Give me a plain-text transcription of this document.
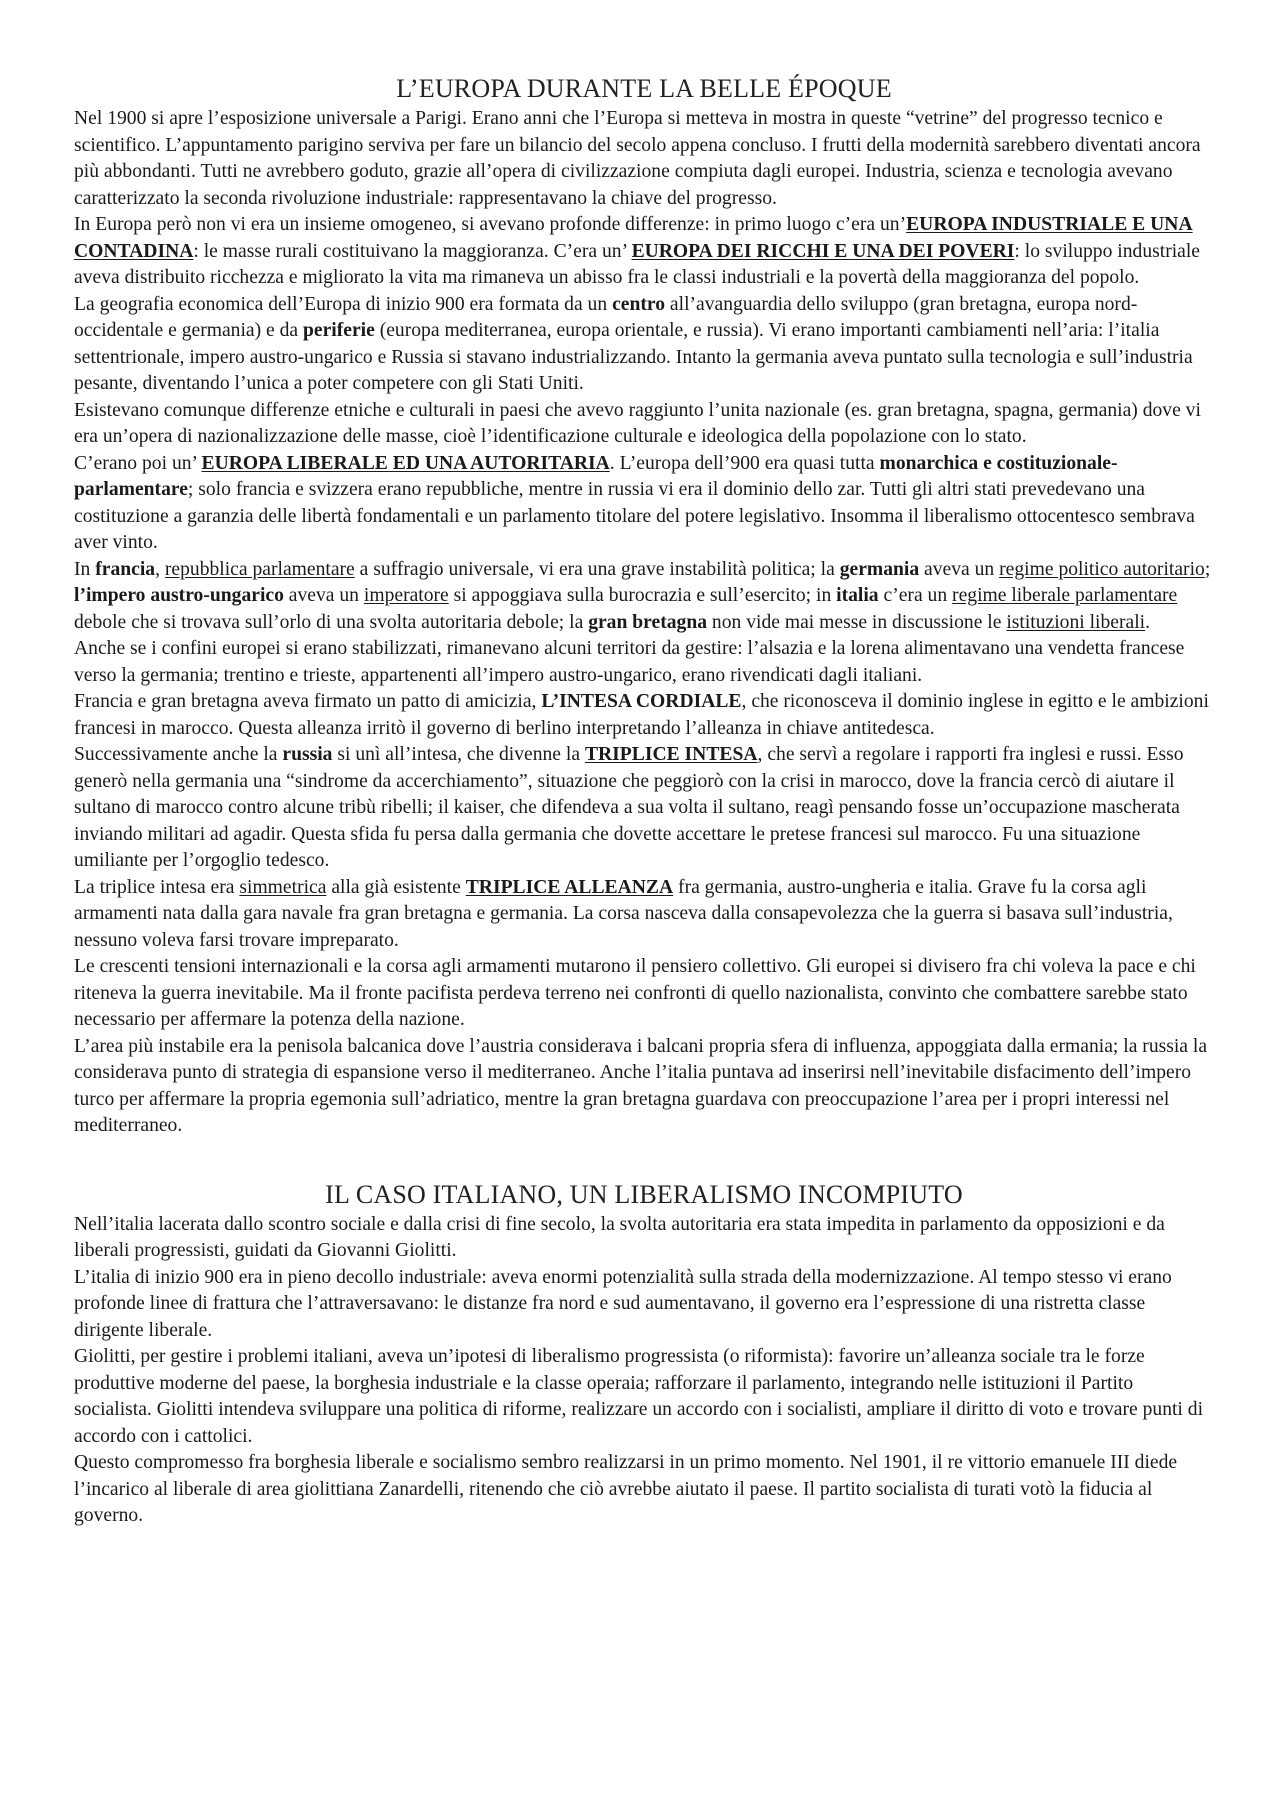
L’EUROPA DURANTE LA BELLE ÉPOQUE

Nel 1900 si apre l’esposizione universale a Parigi. Erano anni che l’Europa si metteva in mostra in queste “vetrine” del progresso tecnico e scientifico. L’appuntamento parigino serviva per fare un bilancio del secolo appena concluso. I frutti della modernità sarebbero diventati ancora più abbondanti. Tutti ne avrebbero goduto, grazie all’opera di civilizzazione compiuta dagli europei. Industria, scienza e tecnologia avevano caratterizzato la seconda rivoluzione industriale: rappresentavano la chiave del progresso.

In Europa però non vi era un insieme omogeneo, si avevano profonde differenze: in primo luogo c’era un’EUROPA INDUSTRIALE E UNA CONTADINA: le masse rurali costituivano la maggioranza. C’era un’ EUROPA DEI RICCHI E UNA DEI POVERI: lo sviluppo industriale aveva distribuito ricchezza e migliorato la vita ma rimaneva un abisso fra le classi industriali e la povertà della maggioranza del popolo.

La geografia economica dell’Europa di inizio 900 era formata da un centro all’avanguardia dello sviluppo (gran bretagna, europa nord-occidentale e germania) e da periferie (europa mediterranea, europa orientale, e russia). Vi erano importanti cambiamenti nell’aria: l’italia settentrionale, impero austro-ungarico e Russia si stavano industrializzando. Intanto la germania aveva puntato sulla tecnologia e sull’industria pesante, diventando l’unica a poter competere con gli Stati Uniti.

Esistevano comunque differenze etniche e culturali in paesi che avevo raggiunto l’unita nazionale (es. gran bretagna, spagna, germania) dove vi era un’opera di nazionalizzazione delle masse, cioè l’identificazione culturale e ideologica della popolazione con lo stato.

C’erano poi un’ EUROPA LIBERALE ED UNA AUTORITARIA. L’europa dell’900 era quasi tutta monarchica e costituzionale-parlamentare; solo francia e svizzera erano repubbliche, mentre in russia vi era il dominio dello zar. Tutti gli altri stati prevedevano una costituzione a garanzia delle libertà fondamentali e un parlamento titolare del potere legislativo. Insomma il liberalismo ottocentesco sembrava aver vinto.

In francia, repubblica parlamentare a suffragio universale, vi era una grave instabilità politica; la germania aveva un regime politico autoritario; l’impero austro-ungarico aveva un imperatore si appoggiava sulla burocrazia e sull’esercito; in italia c’era un regime liberale parlamentare debole che si trovava sull’orlo di una svolta autoritaria debole; la gran bretagna non vide mai messe in discussione le istituzioni liberali.

Anche se i confini europei si erano stabilizzati, rimanevano alcuni territori da gestire: l’alsazia e la lorena alimentavano una vendetta francese verso la germania; trentino e trieste, appartenenti all’impero austro-ungarico, erano rivendicati dagli italiani.

Francia e gran bretagna aveva firmato un patto di amicizia, L’INTESA CORDIALE, che riconosceva il dominio inglese in egitto e le ambizioni francesi in marocco. Questa alleanza irritò il governo di berlino interpretando l’alleanza in chiave antitedesca.

Successivamente anche la russia si unì all’intesa, che divenne la TRIPLICE INTESA, che servì a regolare i rapporti fra inglesi e russi. Esso generò nella germania una “sindrome da accerchiamento”, situazione che peggiorò con la crisi in marocco, dove la francia cercò di aiutare il sultano di marocco contro alcune tribù ribelli; il kaiser, che difendeva a sua volta il sultano, reagì pensando fosse un’occupazione mascherata inviando militari ad agadir. Questa sfida fu persa dalla germania che dovette accettare le pretese francesi sul marocco. Fu una situazione umiliante per l’orgoglio tedesco.

La triplice intesa era simmetrica alla già esistente TRIPLICE ALLEANZA fra germania, austro-ungheria e italia. Grave fu la corsa agli armamenti nata dalla gara navale fra gran bretagna e germania. La corsa nasceva dalla consapevolezza che la guerra si basava sull’industria, nessuno voleva farsi trovare impreparato.

Le crescenti tensioni internazionali e la corsa agli armamenti mutarono il pensiero collettivo. Gli europei si divisero fra chi voleva la pace e chi riteneva la guerra inevitabile. Ma il fronte pacifista perdeva terreno nei confronti di quello nazionalista, convinto che combattere sarebbe stato necessario per affermare la potenza della nazione.

L’area più instabile era la penisola balcanica dove l’austria considerava i balcani propria sfera di influenza, appoggiata dalla ermania; la russia la considerava punto di strategia di espansione verso il mediterraneo. Anche l’italia puntava ad inserirsi nell’inevitabile disfacimento dell’impero turco per affermare la propria egemonia sull’adriatico, mentre la gran bretagna guardava con preoccupazione l’area per i propri interessi nel mediterraneo.

IL CASO ITALIANO, UN LIBERALISMO INCOMPIUTO

Nell’italia lacerata dallo scontro sociale e dalla crisi di fine secolo, la svolta autoritaria era stata impedita in parlamento da opposizioni e da liberali progressisti, guidati da Giovanni Giolitti.

L’italia di inizio 900 era in pieno decollo industriale: aveva enormi potenzialità sulla strada della modernizzazione. Al tempo stesso vi erano profonde linee di frattura che l’attraversavano: le distanze fra nord e sud aumentavano, il governo era l’espressione di una ristretta classe dirigente liberale.

Giolitti, per gestire i problemi italiani, aveva un’ipotesi di liberalismo progressista (o riformista): favorire un’alleanza sociale tra le forze produttive moderne del paese, la borghesia industriale e la classe operaia; rafforzare il parlamento, integrando nelle istituzioni il Partito socialista. Giolitti intendeva sviluppare una politica di riforme, realizzare un accordo con i socialisti, ampliare il diritto di voto e trovare punti di accordo con i cattolici.

Questo compromesso fra borghesia liberale e socialismo sembro realizzarsi in un primo momento. Nel 1901, il re vittorio emanuele III diede l’incarico al liberale di area giolittiana Zanardelli, ritenendo che ciò avrebbe aiutato il paese. Il partito socialista di turati votò la fiducia al governo.
